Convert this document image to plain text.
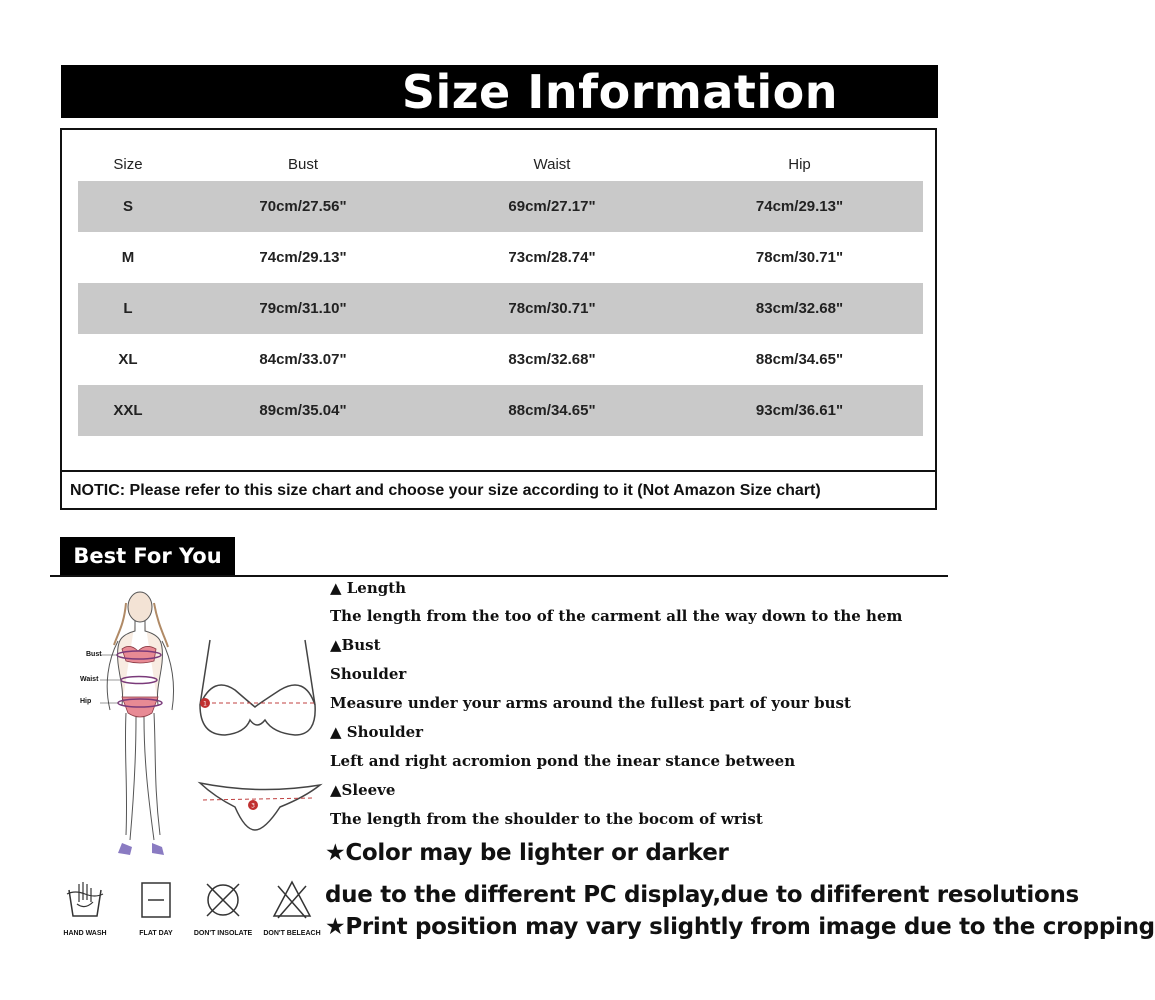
Size Information
Size	Bust	Waist	Hip
S	70cm/27.56"	69cm/27.17"	74cm/29.13"
M	74cm/29.13"	73cm/28.74"	78cm/30.71"
L	79cm/31.10"	78cm/30.71"	83cm/32.68"
XL	84cm/33.07"	83cm/32.68"	88cm/34.65"
XXL	89cm/35.04"	88cm/34.65"	93cm/36.61"
NOTIC: Please refer to this size chart and choose your size according to it (Not Amazon Size chart)
Best For You
▲ Length
The length from the too of the carment all the way down to the hem
▲Bust
Shoulder
Measure under your arms around the fullest part of your bust
▲ Shoulder
Left and right acromion pond the inear stance between
▲Sleeve
The length from the shoulder to the bocom of wrist
★Color may be lighter or darker
due to the different PC display,due to dififerent resolutions
★Print position may vary slightly from image due to the cropping
Bust
Waist
Hip	1
3
HAND WASH	FLAT DAY	DON'T INSOLATE	DON'T BELEACH
